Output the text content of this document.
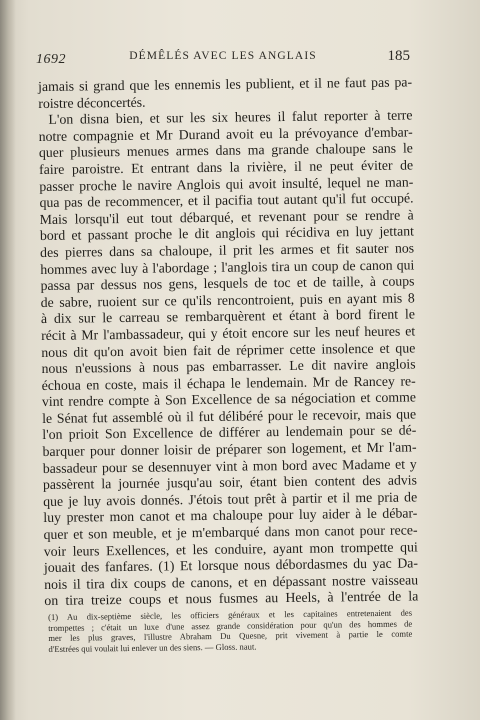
1692	DÉMÊLÉS AVEC LES ANGLAIS	185
jamais si grand que les ennemis les publient, et il ne faut pas pa-
roistre déconcertés.
L'on disna bien, et sur les six heures il falut reporter à terre
notre compagnie et Mr Durand avoit eu la prévoyance d'embar-
quer plusieurs menues armes dans ma grande chaloupe sans le
faire paroistre. Et entrant dans la rivière, il ne peut éviter de
passer proche le navire Anglois qui avoit insulté, lequel ne man-
qua pas de recommencer, et il pacifia tout autant qu'il fut occupé.
Mais lorsqu'il eut tout débarqué, et revenant pour se rendre à
bord et passant proche le dit anglois qui récidiva en luy jettant
des pierres dans sa chaloupe, il prit les armes et fit sauter nos
hommes avec luy à l'abordage ; l'anglois tira un coup de canon qui
passa par dessus nos gens, lesquels de toc et de taille, à coups
de sabre, ruoient sur ce qu'ils rencontroient, puis en ayant mis 8
à dix sur le carreau se rembarquèrent et étant à bord firent le
récit à Mr l'ambassadeur, qui y étoit encore sur les neuf heures et
nous dit qu'on avoit bien fait de réprimer cette insolence et que
nous n'eussions à nous pas embarrasser. Le dit navire anglois
échoua en coste, mais il échapa le lendemain. Mr de Rancey re-
vint rendre compte à Son Excellence de sa négociation et comme
le Sénat fut assemblé où il fut délibéré pour le recevoir, mais que
l'on prioit Son Excellence de différer au lendemain pour se dé-
barquer pour donner loisir de préparer son logement, et Mr l'am-
bassadeur pour se desennuyer vint à mon bord avec Madame et y
passèrent la journée jusqu'au soir, étant bien content des advis
que je luy avois donnés. J'étois tout prêt à partir et il me pria de
luy prester mon canot et ma chaloupe pour luy aider à le débar-
quer et son meuble, et je m'embarqué dans mon canot pour rece-
voir leurs Exellences, et les conduire, ayant mon trompette qui
jouait des fanfares. (1) Et lorsque nous débordasmes du yac Da-
nois il tira dix coups de canons, et en dépassant nostre vaisseau
on tira treize coups et nous fusmes au Heels, à l'entrée de la
(1) Au dix-septième siècle, les officiers généraux et les capitaines entretenaient des
trompettes ; c'était un luxe d'une assez grande considération pour qu'un des hommes de
mer les plus graves, l'illustre Abraham Du Quesne, prit vivement à partie le comte
d'Estrées qui voulait lui enlever un des siens. — Gloss. naut.
